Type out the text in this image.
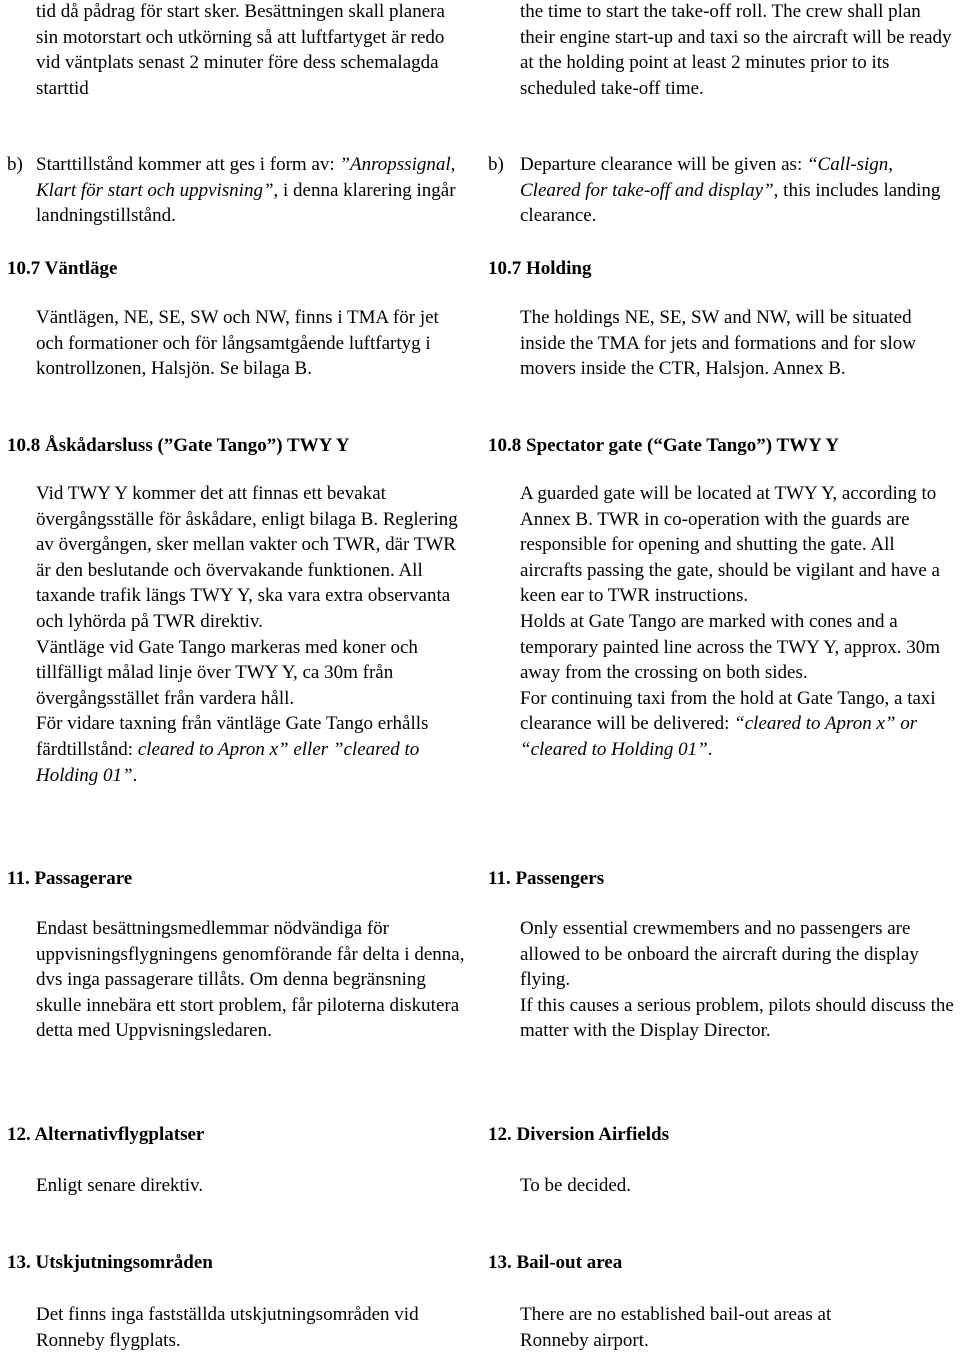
tid då pådrag för start sker. Besättningen skall planera sin motorstart och utkörning så att luftfartyget är redo vid väntplats senast 2 minuter före dess schemalagda starttid

b) Starttillstånd kommer att ges i form av: ”Anropssignal, Klart för start och uppvisning”, i denna klarering ingår landningstillstånd.

10.7 Väntläge

Väntlägen, NE, SE, SW och NW, finns i TMA för jet och formationer och för långsamtgående luftfartyg i kontrollzonen, Halsjön. Se bilaga B.

10.8 Åskådarsluss (”Gate Tango”) TWY Y
Vid TWY Y kommer det att finnas ett bevakat övergångsställe för åskådare, enligt bilaga B. Reglering av övergången, sker mellan vakter och TWR, där TWR är den beslutande och övervakande funktionen. All taxande trafik längs TWY Y, ska vara extra observanta och lyhörda på TWR direktiv.
Väntläge vid Gate Tango markeras med koner och tillfälligt målad linje över TWY Y, ca 30m från övergångsstället från vardera håll.
För vidare taxning från väntläge Gate Tango erhålls färdtillstånd: cleared to Apron x” eller ”cleared to Holding 01”.
11. Passagerare

Endast besättningsmedlemmar nödvändiga för uppvisningsflygningens genomförande får delta i denna, dvs inga passagerare tillåts. Om denna begränsning skulle innebära ett stort problem, får piloterna diskutera detta med Uppvisningsledaren.

12. Alternativflygplatser

Enligt senare direktiv.

13. Utskjutningsområden

Det finns inga fastställda utskjutningsområden vid Ronneby flygplats.

the time to start the take-off roll. The crew shall plan their engine start-up and taxi so the aircraft will be ready at the holding point at least 2 minutes prior to its scheduled take-off time.

b) Departure clearance will be given as: “Call-sign, Cleared for take-off and display”, this includes landing clearance.

10.7 Holding

The holdings NE, SE, SW and NW, will be situated inside the TMA for jets and formations and for slow movers inside the CTR, Halsjon. Annex B.

10.8 Spectator gate (“Gate Tango”) TWY Y
A guarded gate will be located at TWY Y, according to Annex B. TWR in co-operation with the guards are responsible for opening and shutting the gate. All aircrafts passing the gate, should be vigilant and have a keen ear to TWR instructions.
Holds at Gate Tango are marked with cones and a temporary painted line across the TWY Y, approx. 30m away from the crossing on both sides.
For continuing taxi from the hold at Gate Tango, a taxi clearance will be delivered: “cleared to Apron x” or “cleared to Holding 01”.
11. Passengers
Only essential crewmembers and no passengers are allowed to be onboard the aircraft during the display flying.
If this causes a serious problem, pilots should discuss the matter with the Display Director.
12. Diversion Airfields

To be decided.

13. Bail-out area

There are no established bail-out areas at Ronneby airport.
